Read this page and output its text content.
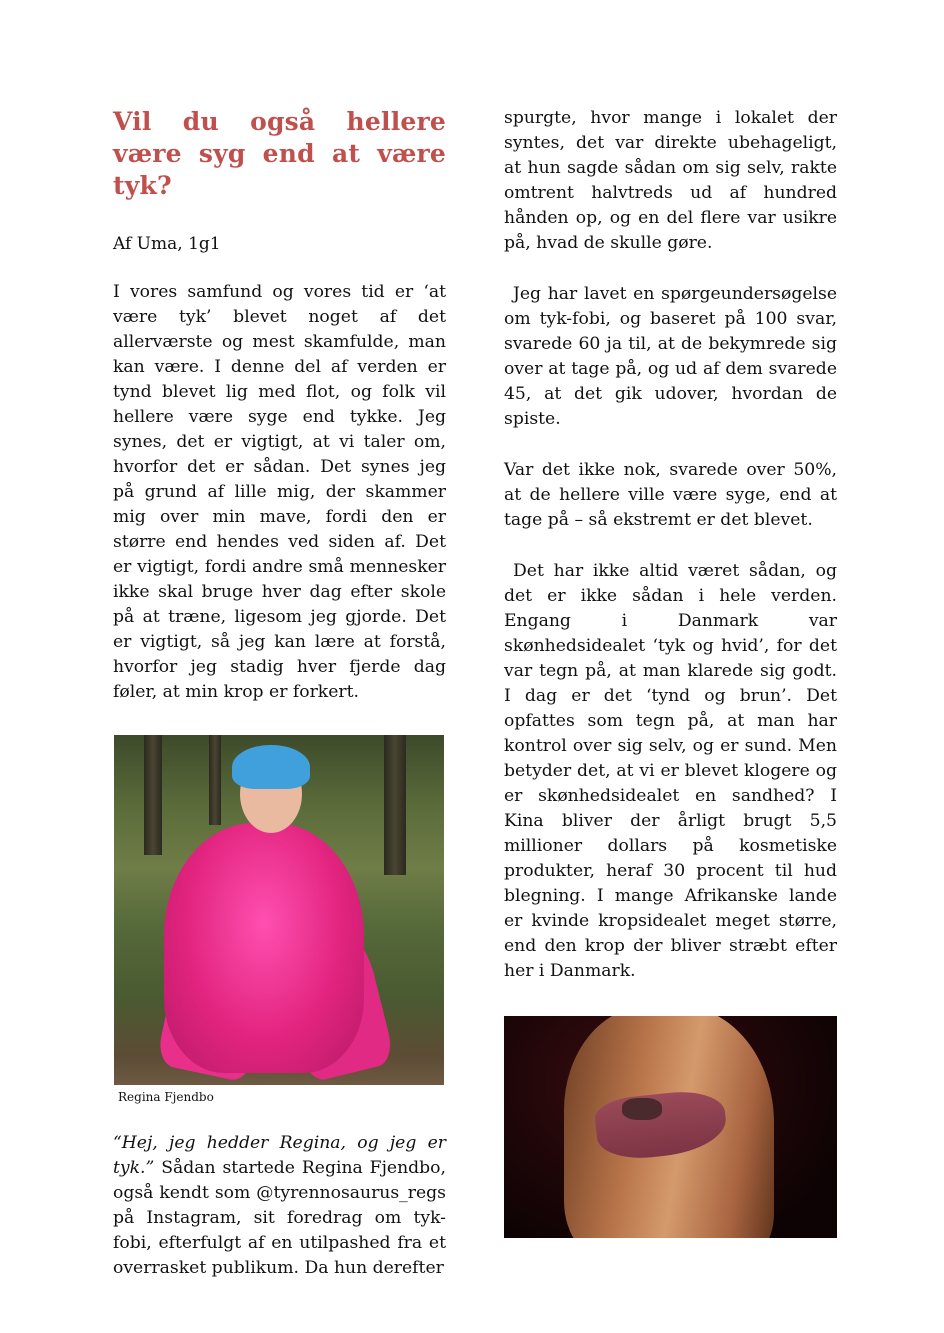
Vil du også hellere være syg end at være tyk?
Af Uma, 1g1

I vores samfund og vores tid er ‘at være tyk’ blevet noget af det allerværste og mest skamfulde, man kan være. I denne del af verden er tynd blevet lig med flot, og folk vil hellere være syge end tykke. Jeg synes, det er vigtigt, at vi taler om, hvorfor det er sådan. Det synes jeg på grund af lille mig, der skammer mig over min mave, fordi den er større end hendes ved siden af. Det er vigtigt, fordi andre små mennesker ikke skal bruge hver dag efter skole på at træne, ligesom jeg gjorde. Det er vigtigt, så jeg kan lære at forstå, hvorfor jeg stadig hver fjerde dag føler, at min krop er forkert.

Regina Fjendbo

“Hej, jeg hedder Regina, og jeg er tyk.” Sådan startede Regina Fjendbo, også kendt som @tyrennosaurus_regs på Instagram, sit foredrag om tyk-fobi, efterfulgt af en utilpashed fra et overrasket publikum. Da hun derefter

spurgte, hvor mange i lokalet der syntes, det var direkte ubehageligt, at hun sagde sådan om sig selv, rakte omtrent halvtreds ud af hundred hånden op, og en del flere var usikre på, hvad de skulle gøre.

Jeg har lavet en spørgeundersøgelse om tyk-fobi, og baseret på 100 svar, svarede 60 ja til, at de bekymrede sig over at tage på, og ud af dem svarede 45, at det gik udover, hvordan de spiste.

Var det ikke nok, svarede over 50%, at de hellere ville være syge, end at tage på – så ekstremt er det blevet.

Det har ikke altid været sådan, og det er ikke sådan i hele verden. Engang i Danmark var skønhedsidealet ‘tyk og hvid’, for det var tegn på, at man klarede sig godt. I dag er det ‘tynd og brun’. Det opfattes som tegn på, at man har kontrol over sig selv, og er sund. Men betyder det, at vi er blevet klogere og er skønhedsidealet en sandhed? I Kina bliver der årligt brugt 5,5 millioner dollars på kosmetiske produkter, heraf 30 procent til hud blegning. I mange Afrikanske lande er kvinde kropsidealet meget større, end den krop der bliver stræbt efter her i Danmark.
